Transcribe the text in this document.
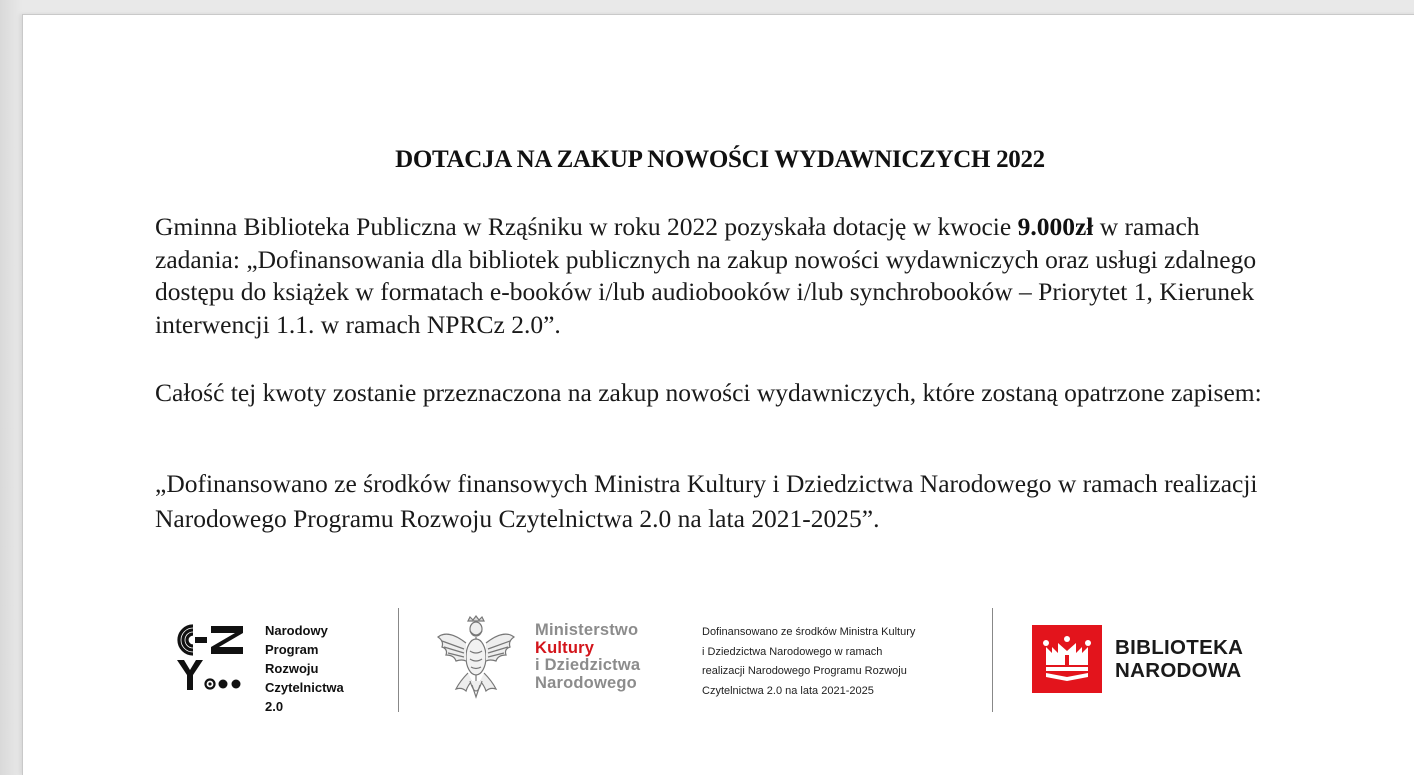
DOTACJA NA ZAKUP NOWOŚCI WYDAWNICZYCH 2022
Gminna Biblioteka Publiczna w Rząśniku w roku 2022 pozyskała dotację w kwocie 9.000zł w ramach zadania: „Dofinansowania dla bibliotek publicznych na zakup nowości wydawniczych oraz usługi zdalnego dostępu do książek w formatach e-booków i/lub audiobooków i/lub synchrobooków – Priorytet 1, Kierunek interwencji 1.1. w ramach NPRCz 2.0”.
Całość tej kwoty zostanie przeznaczona na zakup nowości wydawniczych, które zostaną opatrzone zapisem:
„Dofinansowano ze środków finansowych Ministra Kultury i Dziedzictwa Narodowego w ramach realizacji Narodowego Programu Rozwoju Czytelnictwa 2.0 na lata 2021-2025”.
Narodowy
Program
Rozwoju
Czytelnictwa
2.0
Ministerstwo
Kultury
i Dziedzictwa
Narodowego
Dofinansowano ze środków Ministra Kultury
i Dziedzictwa Narodowego w ramach
realizacji Narodowego Programu Rozwoju
Czytelnictwa 2.0 na lata 2021-2025
BIBLIOTEKA
NARODOWA
